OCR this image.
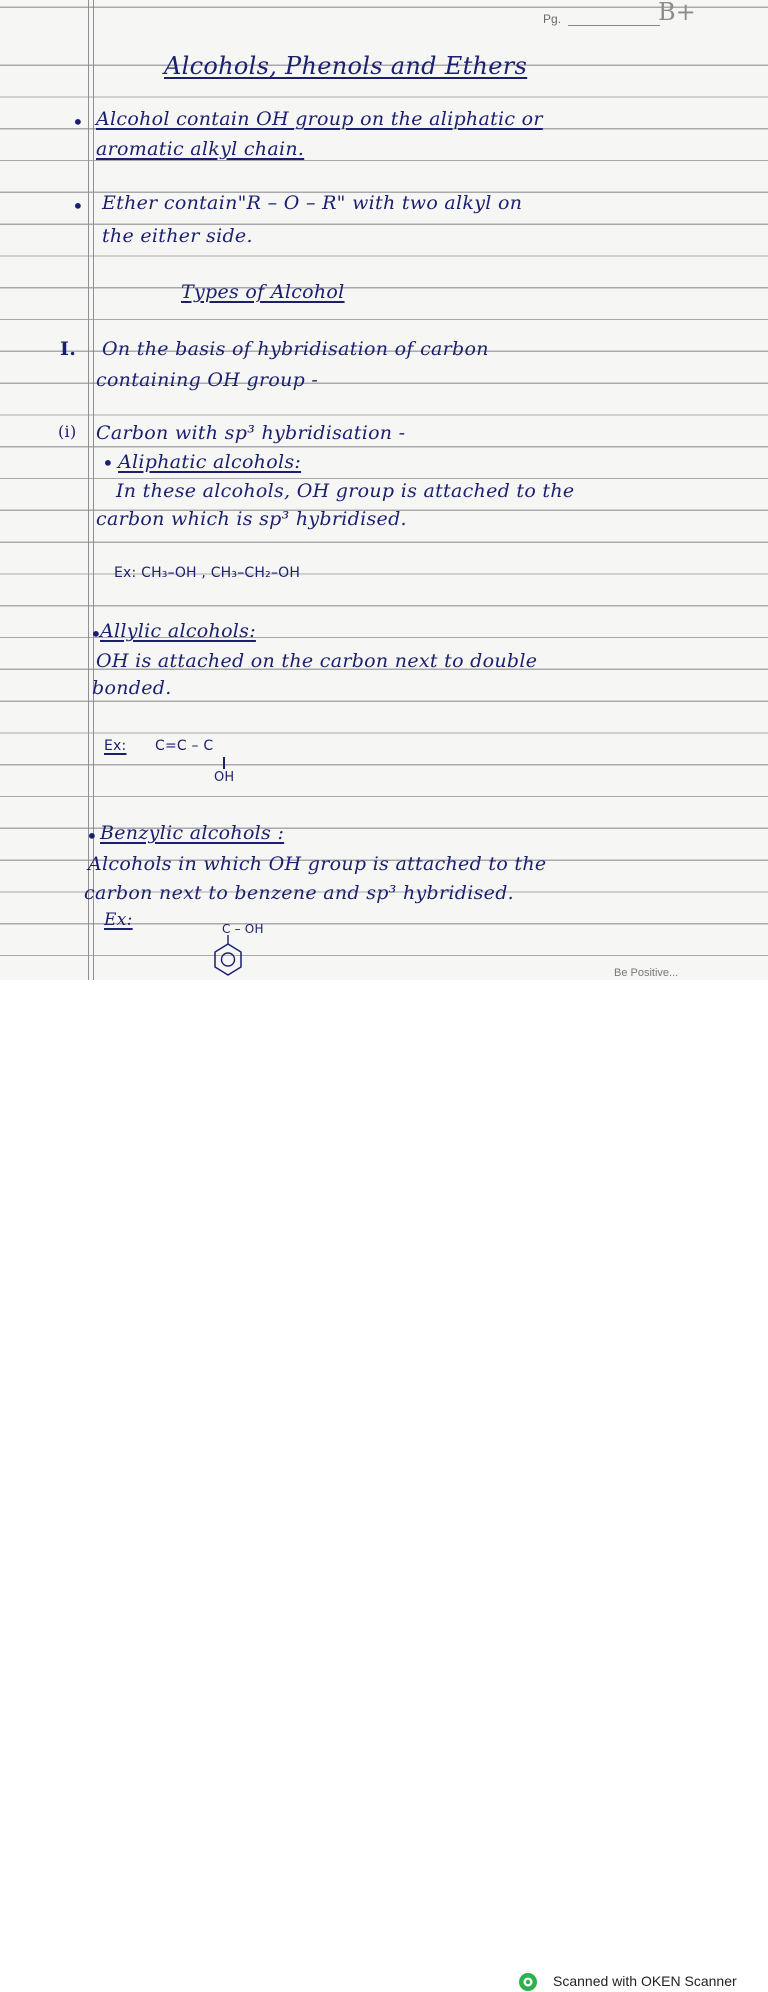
Pg.	B+
Alcohols, Phenols and Ethers
• Alcohol contain OH group on the aliphatic or
aromatic alkyl chain.
• Ether contain"R – O – R" with two alkyl on
the either side.
Types of Alcohol
I. On the basis of hybridisation of carbon
containing OH group -
(i) Carbon with sp³ hybridisation -
• Aliphatic alcohols:
In these alcohols, OH group is attached to the
carbon which is sp³ hybridised.
Ex: CH₃–OH , CH₃–CH₂–OH
•
Allylic alcohols:
OH is attached on the carbon next to double
bonded.
Ex: C=C – C
OH
• Benzylic alcohols :
Alcohols in which OH group is attached to the
carbon next to benzene and sp³ hybridised.
Ex:	C – OH
Be Positive...
Scanned with OKEN Scanner
